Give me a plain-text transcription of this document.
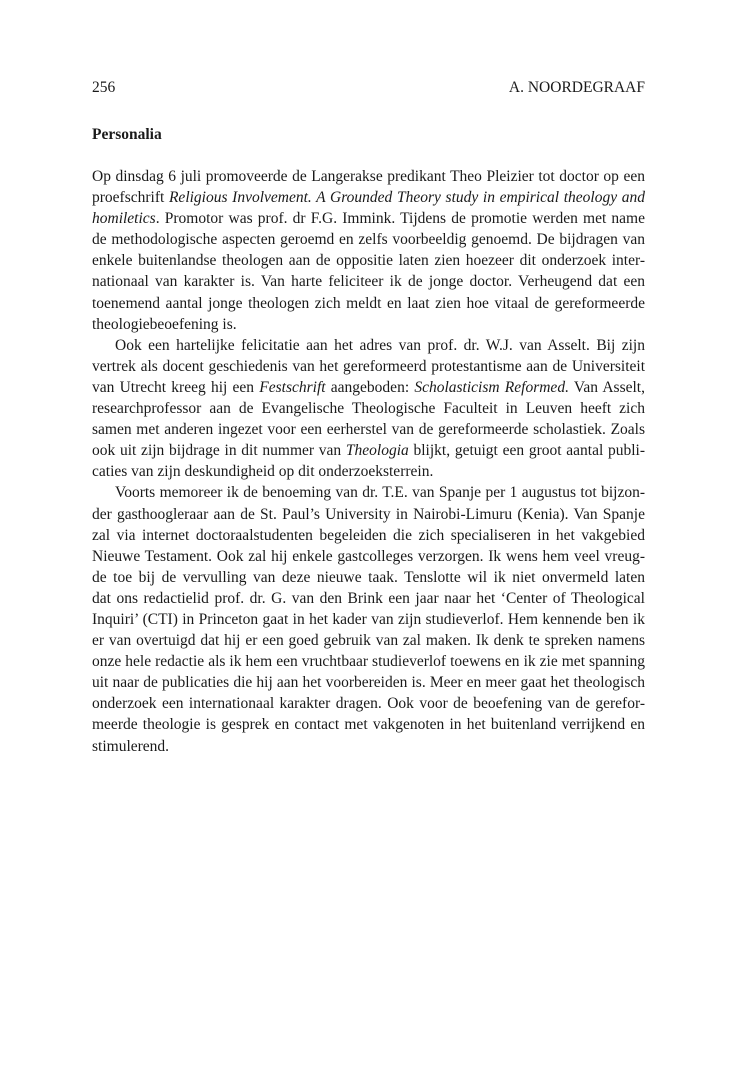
256	A. NOORDEGRAAF
Personalia
Op dinsdag 6 juli promoveerde de Langerakse predikant Theo Pleizier tot doctor op een
proefschrift Religious Involvement. A Grounded Theory study in empirical theology and
homiletics. Promotor was prof. dr F.G. Immink. Tijdens de promotie werden met name
de methodologische aspecten geroemd en zelfs voorbeeldig genoemd. De bijdragen van
enkele buitenlandse theologen aan de oppositie laten zien hoezeer dit onderzoek inter-
nationaal van karakter is. Van harte feliciteer ik de jonge doctor. Verheugend dat een
toenemend aantal jonge theologen zich meldt en laat zien hoe vitaal de gereformeerde
theologiebeoefening is.
Ook een hartelijke felicitatie aan het adres van prof. dr. W.J. van Asselt. Bij zijn
vertrek als docent geschiedenis van het gereformeerd protestantisme aan de Universiteit
van Utrecht kreeg hij een Festschrift aangeboden: Scholasticism Reformed. Van Asselt,
researchprofessor aan de Evangelische Theologische Faculteit in Leuven heeft zich
samen met anderen ingezet voor een eerherstel van de gereformeerde scholastiek. Zoals
ook uit zijn bijdrage in dit nummer van Theologia blijkt, getuigt een groot aantal publi-
caties van zijn deskundigheid op dit onderzoeksterrein.
Voorts memoreer ik de benoeming van dr. T.E. van Spanje per 1 augustus tot bijzon-
der gasthoogleraar aan de St. Paul’s University in Nairobi-Limuru (Kenia). Van Spanje
zal via internet doctoraalstudenten begeleiden die zich specialiseren in het vakgebied
Nieuwe Testament. Ook zal hij enkele gastcolleges verzorgen. Ik wens hem veel vreug-
de toe bij de vervulling van deze nieuwe taak. Tenslotte wil ik niet onvermeld laten
dat ons redactielid prof. dr. G. van den Brink een jaar naar het ‘Center of Theological
Inquiri’ (CTI) in Princeton gaat in het kader van zijn studieverlof. Hem kennende ben ik
er van overtuigd dat hij er een goed gebruik van zal maken. Ik denk te spreken namens
onze hele redactie als ik hem een vruchtbaar studieverlof toewens en ik zie met spanning
uit naar de publicaties die hij aan het voorbereiden is. Meer en meer gaat het theologisch
onderzoek een internationaal karakter dragen. Ook voor de beoefening van de gerefor-
meerde theologie is gesprek en contact met vakgenoten in het buitenland verrijkend en
stimulerend.
